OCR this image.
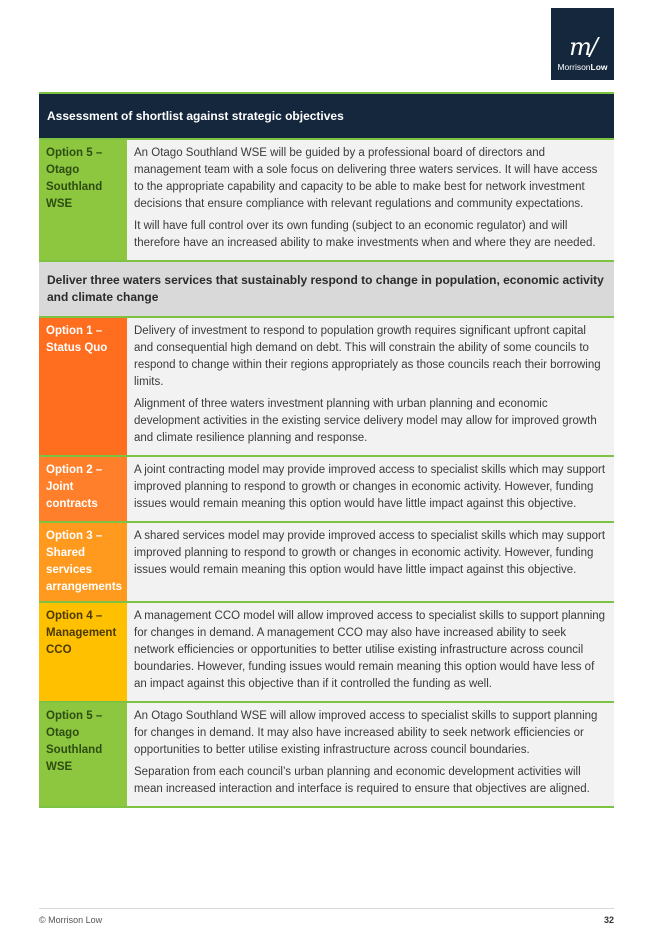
m/
MorrisonLow
Assessment of shortlist against strategic objectives
Option 5 – Otago Southland WSE

An Otago Southland WSE will be guided by a professional board of directors and management team with a sole focus on delivering three waters services. It will have access to the appropriate capability and capacity to be able to make best for network investment decisions that ensure compliance with relevant regulations and community expectations.

It will have full control over its own funding (subject to an economic regulator) and will therefore have an increased ability to make investments when and where they are needed.

Deliver three waters services that sustainably respond to change in population, economic activity and climate change
Option 1 – Status Quo

Delivery of investment to respond to population growth requires significant upfront capital and consequential high demand on debt. This will constrain the ability of some councils to respond to change within their regions appropriately as those councils reach their borrowing limits.

Alignment of three waters investment planning with urban planning and economic development activities in the existing service delivery model may allow for improved growth and climate resilience planning and response.

Option 2 – Joint contracts

A joint contracting model may provide improved access to specialist skills which may support improved planning to respond to growth or changes in economic activity. However, funding issues would remain meaning this option would have little impact against this objective.

Option 3 – Shared services arrangements

A shared services model may provide improved access to specialist skills which may support improved planning to respond to growth or changes in economic activity. However, funding issues would remain meaning this option would have little impact against this objective.

Option 4 – Management CCO

A management CCO model will allow improved access to specialist skills to support planning for changes in demand. A management CCO may also have increased ability to seek network efficiencies or opportunities to better utilise existing infrastructure across council boundaries. However, funding issues would remain meaning this option would have less of an impact against this objective than if it controlled the funding as well.

Option 5 – Otago Southland WSE

An Otago Southland WSE will allow improved access to specialist skills to support planning for changes in demand. It may also have increased ability to seek network efficiencies or opportunities to better utilise existing infrastructure across council boundaries.

Separation from each council’s urban planning and economic development activities will mean increased interaction and interface is required to ensure that objectives are aligned.

© Morrison Low	32
